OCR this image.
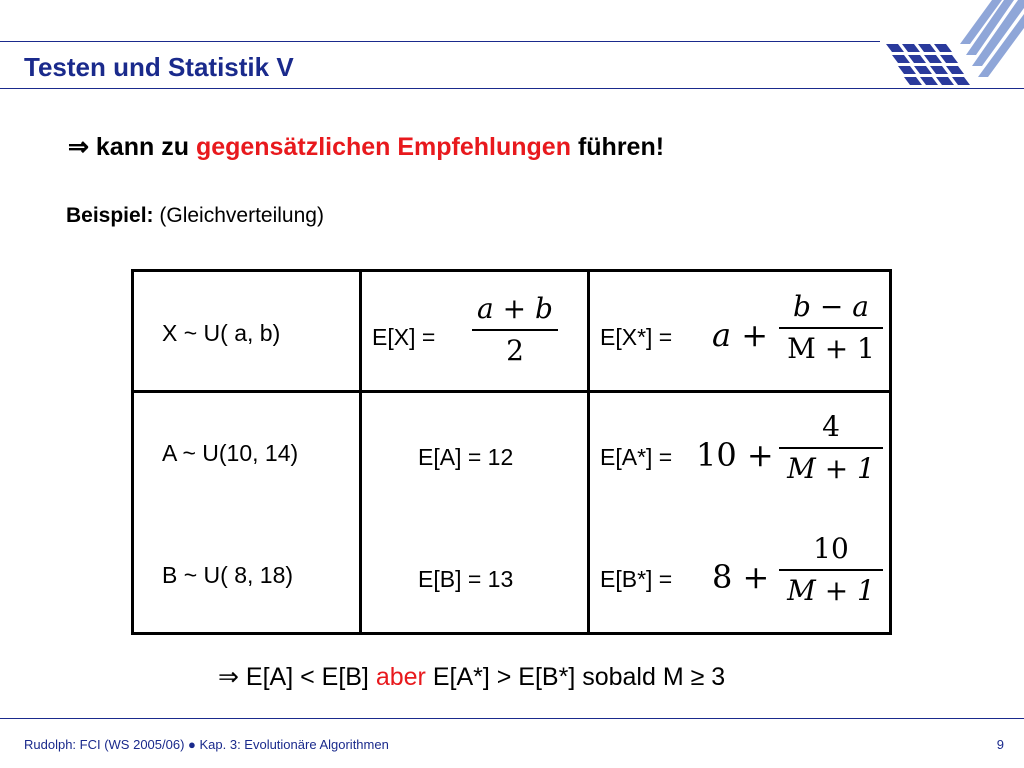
Testen und Statistik V
⇒ kann zu gegensätzlichen Empfehlungen führen!
Beispiel: (Gleichverteilung)
X ~ U( a, b)	E[X] =
a + b
2	E[X*] = a +
b − a
M + 1
A ~ U(10, 14)	E[A] = 12	E[A*] = 10 +
4
M + 1
B ~ U( 8, 18)	E[B] = 13	E[B*] = 8 +
10
M + 1
⇒ E[A] < E[B] aber E[A*] > E[B*] sobald M ≥ 3
Rudolph: FCI (WS 2005/06) ● Kap. 3: Evolutionäre Algorithmen	9
